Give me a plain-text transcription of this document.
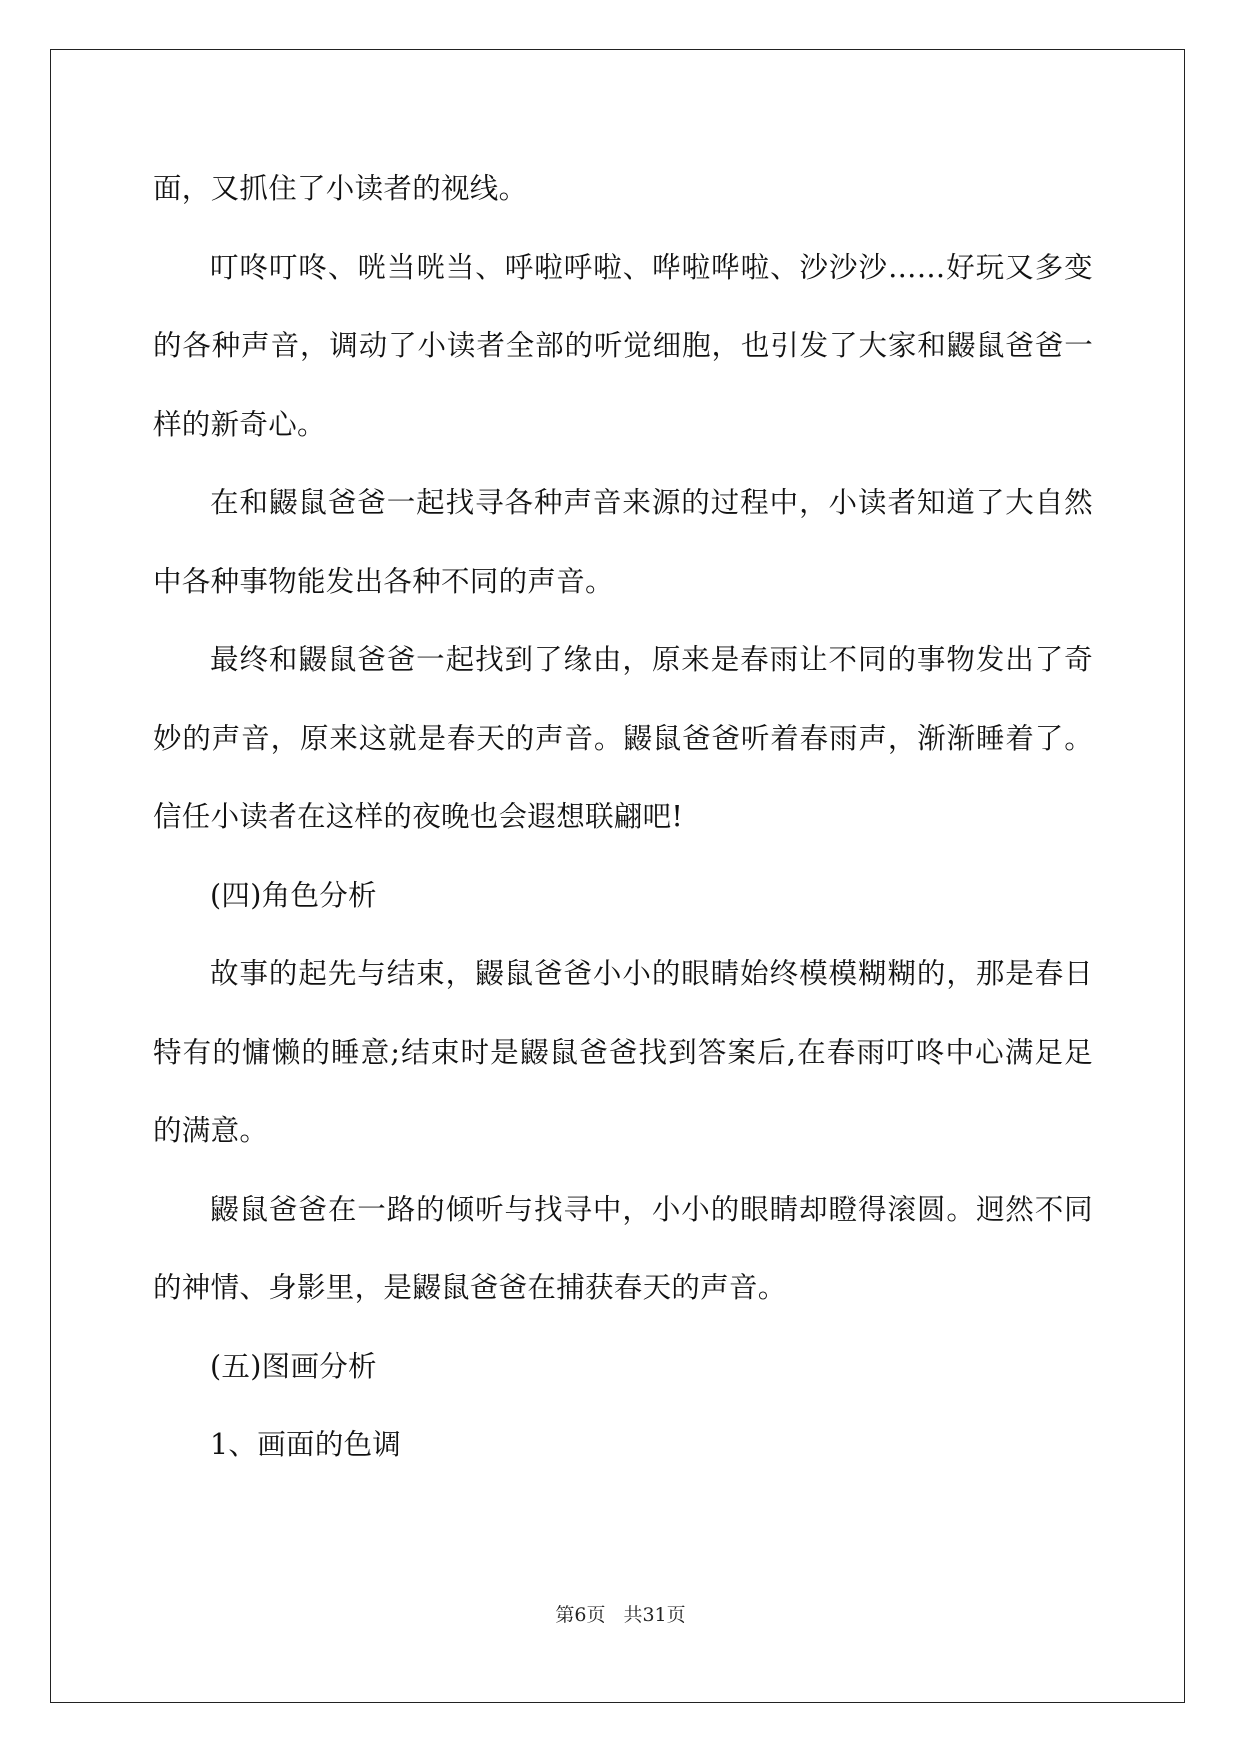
面，又抓住了小读者的视线。

叮咚叮咚、咣当咣当、呼啦呼啦、哗啦哗啦、沙沙沙……好玩又多变的各种声音，调动了小读者全部的听觉细胞，也引发了大家和鼹鼠爸爸一样的新奇心。

在和鼹鼠爸爸一起找寻各种声音来源的过程中，小读者知道了大自然中各种事物能发出各种不同的声音。

最终和鼹鼠爸爸一起找到了缘由，原来是春雨让不同的事物发出了奇妙的声音，原来这就是春天的声音。鼹鼠爸爸听着春雨声，渐渐睡着了。信任小读者在这样的夜晚也会遐想联翩吧!

(四)角色分析

故事的起先与结束，鼹鼠爸爸小小的眼睛始终模模糊糊的，那是春日特有的慵懒的睡意;结束时是鼹鼠爸爸找到答案后,在春雨叮咚中心满足足的满意。

鼹鼠爸爸在一路的倾听与找寻中，小小的眼睛却瞪得滚圆。迥然不同的神情、身影里，是鼹鼠爸爸在捕获春天的声音。

(五)图画分析

1、画面的色调

第6页 共31页
